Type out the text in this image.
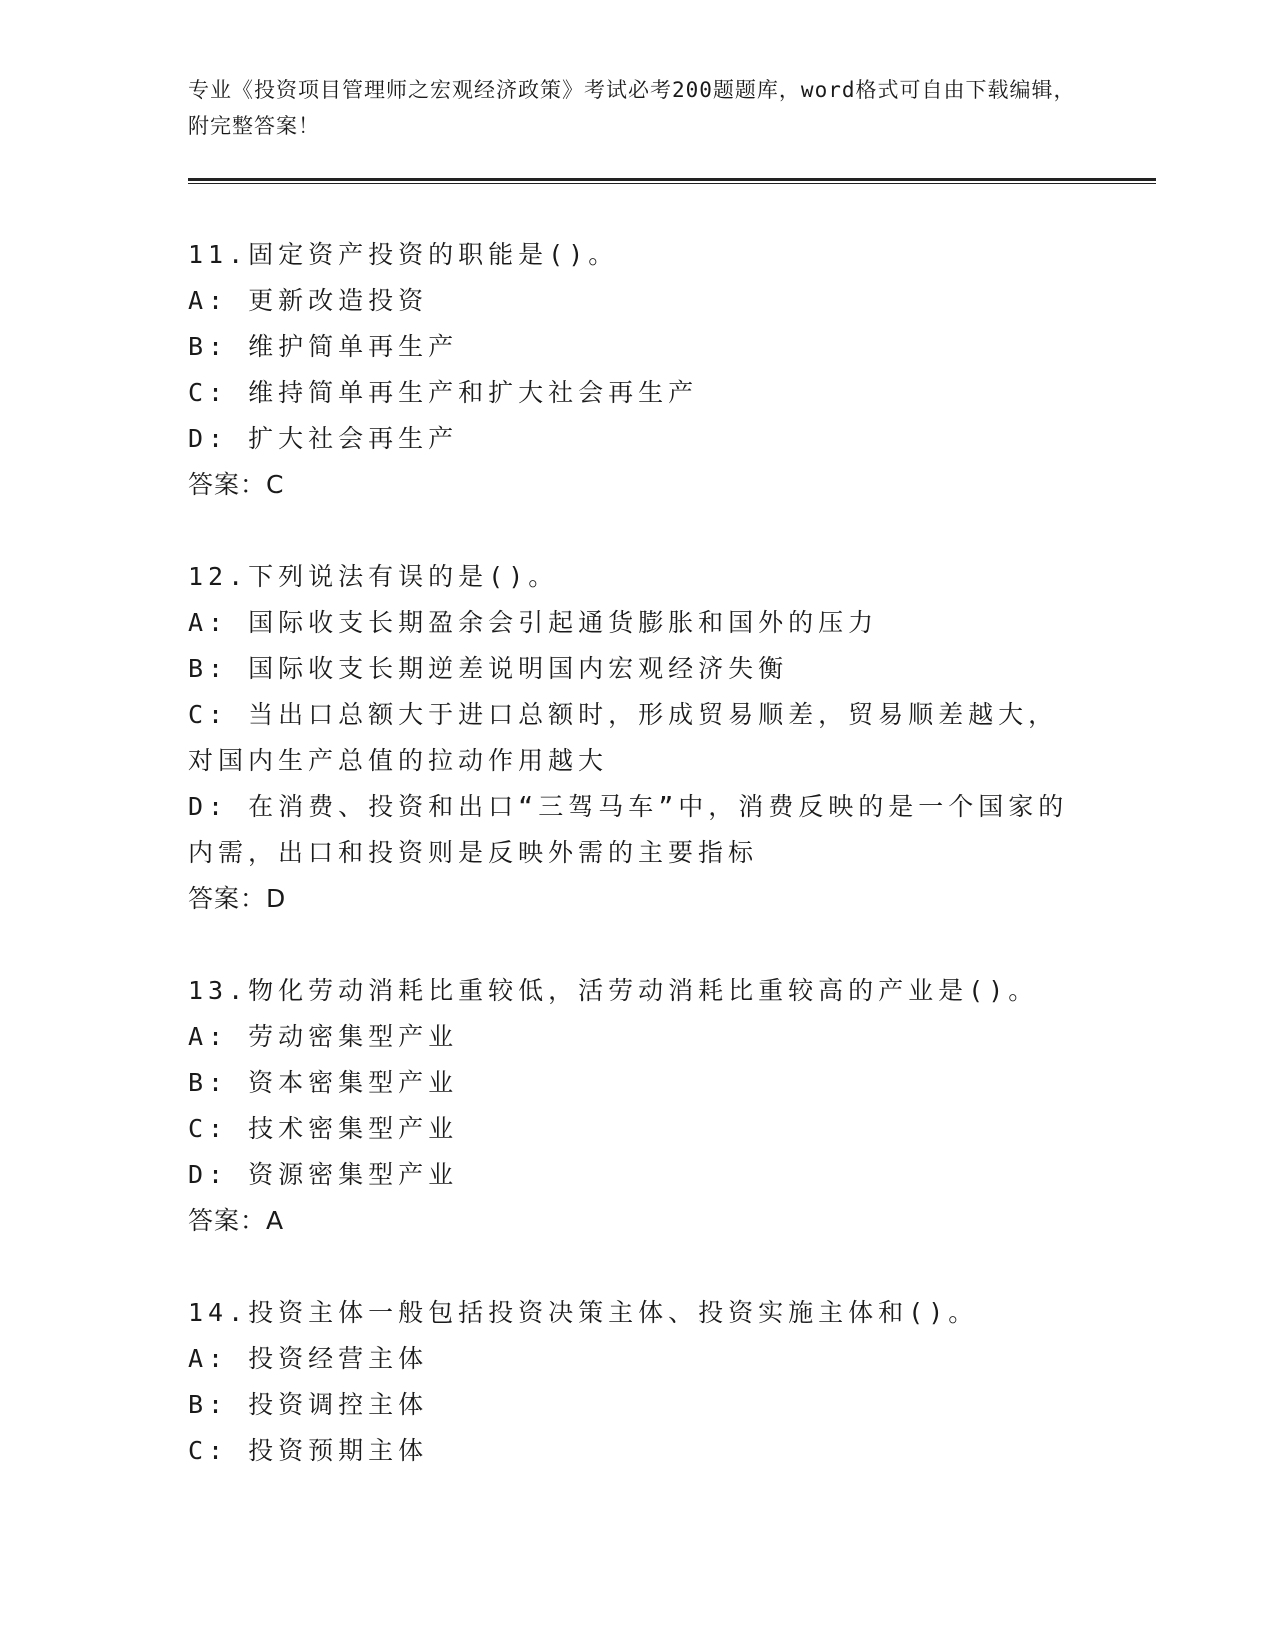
专业《投资项目管理师之宏观经济政策》考试必考200题题库，word格式可自由下载编辑，附完整答案！
11.固定资产投资的职能是()。
A: 更新改造投资
B: 维护简单再生产
C: 维持简单再生产和扩大社会再生产
D: 扩大社会再生产
答案：C
12.下列说法有误的是()。
A: 国际收支长期盈余会引起通货膨胀和国外的压力
B: 国际收支长期逆差说明国内宏观经济失衡
C: 当出口总额大于进口总额时，形成贸易顺差，贸易顺差越大，对国内生产总值的拉动作用越大
D: 在消费、投资和出口“三驾马车”中，消费反映的是一个国家的内需，出口和投资则是反映外需的主要指标
答案：D
13.物化劳动消耗比重较低，活劳动消耗比重较高的产业是()。
A: 劳动密集型产业
B: 资本密集型产业
C: 技术密集型产业
D: 资源密集型产业
答案：A
14.投资主体一般包括投资决策主体、投资实施主体和()。
A: 投资经营主体
B: 投资调控主体
C: 投资预期主体
